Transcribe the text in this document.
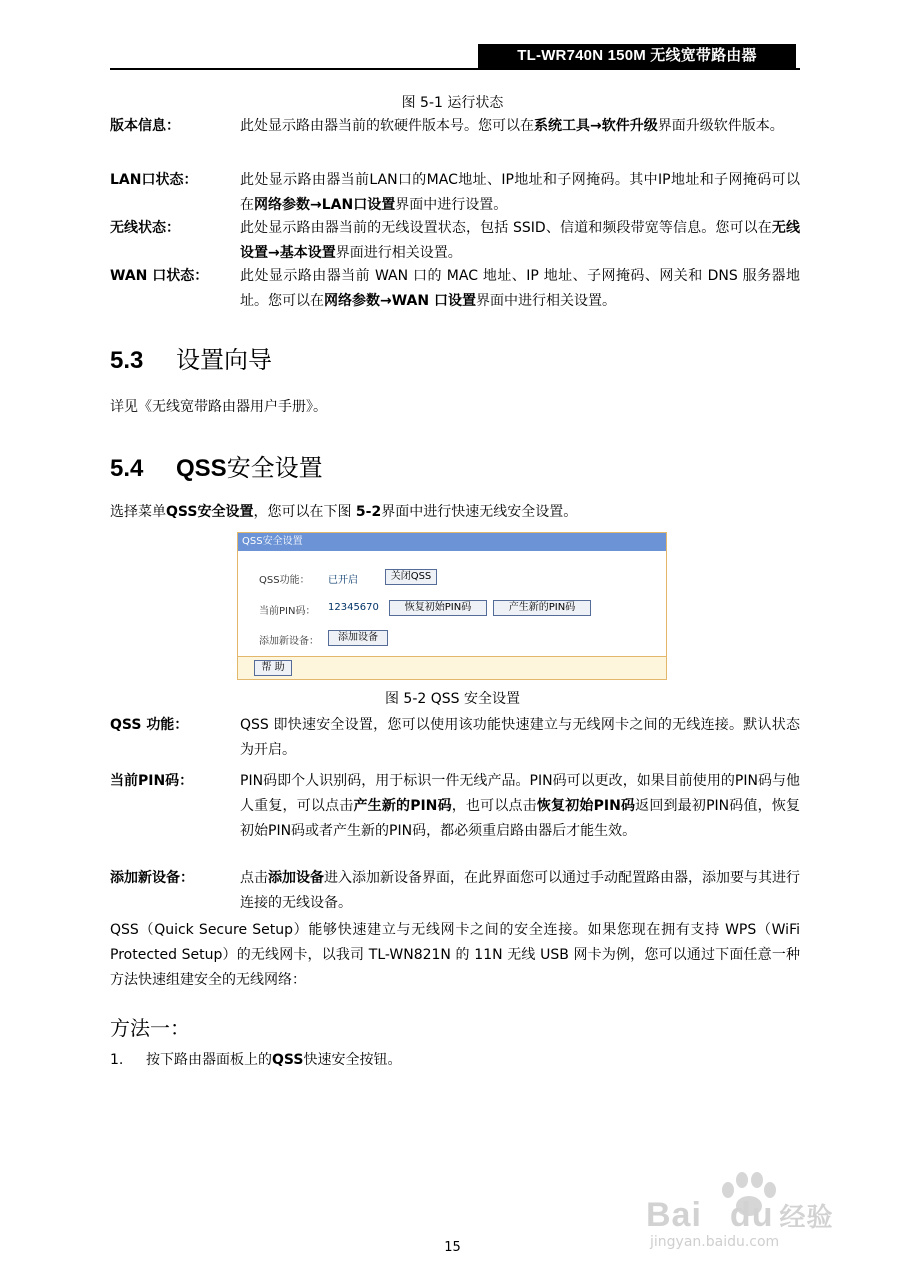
TL-WR740N 150M 无线宽带路由器
图 5-1 运行状态
版本信息：	此处显示路由器当前的软硬件版本号。您可以在系统工具→软件升级界面升级软件版本。
LAN口状态：	此处显示路由器当前LAN口的MAC地址、IP地址和子网掩码。其中IP地址和子网掩码可以在网络参数→LAN口设置界面中进行设置。
无线状态：	此处显示路由器当前的无线设置状态，包括 SSID、信道和频段带宽等信息。您可以在无线设置→基本设置界面进行相关设置。
WAN 口状态：	此处显示路由器当前 WAN 口的 MAC 地址、IP 地址、子网掩码、网关和 DNS 服务器地址。您可以在网络参数→WAN 口设置界面中进行相关设置。
5.3 设置向导
详见《无线宽带路由器用户手册》。
5.4 QSS安全设置
选择菜单QSS安全设置，您可以在下图 5-2界面中进行快速无线安全设置。
QSS安全设置
QSS功能： 已开启	关闭QSS
当前PIN码： 12345670	恢复初始PIN码	产生新的PIN码
添加新设备：	添加设备
帮 助
图 5-2 QSS 安全设置
QSS 功能：	QSS 即快速安全设置，您可以使用该功能快速建立与无线网卡之间的无线连接。默认状态为开启。
当前PIN码：	PIN码即个人识别码，用于标识一件无线产品。PIN码可以更改，如果目前使用的PIN码与他人重复，可以点击产生新的PIN码，也可以点击恢复初始PIN码返回到最初PIN码值，恢复初始PIN码或者产生新的PIN码，都必须重启路由器后才能生效。
添加新设备：	点击添加设备进入添加新设备界面，在此界面您可以通过手动配置路由器，添加要与其进行连接的无线设备。
QSS（Quick Secure Setup）能够快速建立与无线网卡之间的安全连接。如果您现在拥有支持 WPS（WiFi Protected Setup）的无线网卡，以我司 TL-WN821N 的 11N 无线 USB 网卡为例，您可以通过下面任意一种方法快速组建安全的无线网络：
方法一：
1. 按下路由器面板上的QSS快速安全按钮。
Bai du 经验
jingyan.baidu.com
15
